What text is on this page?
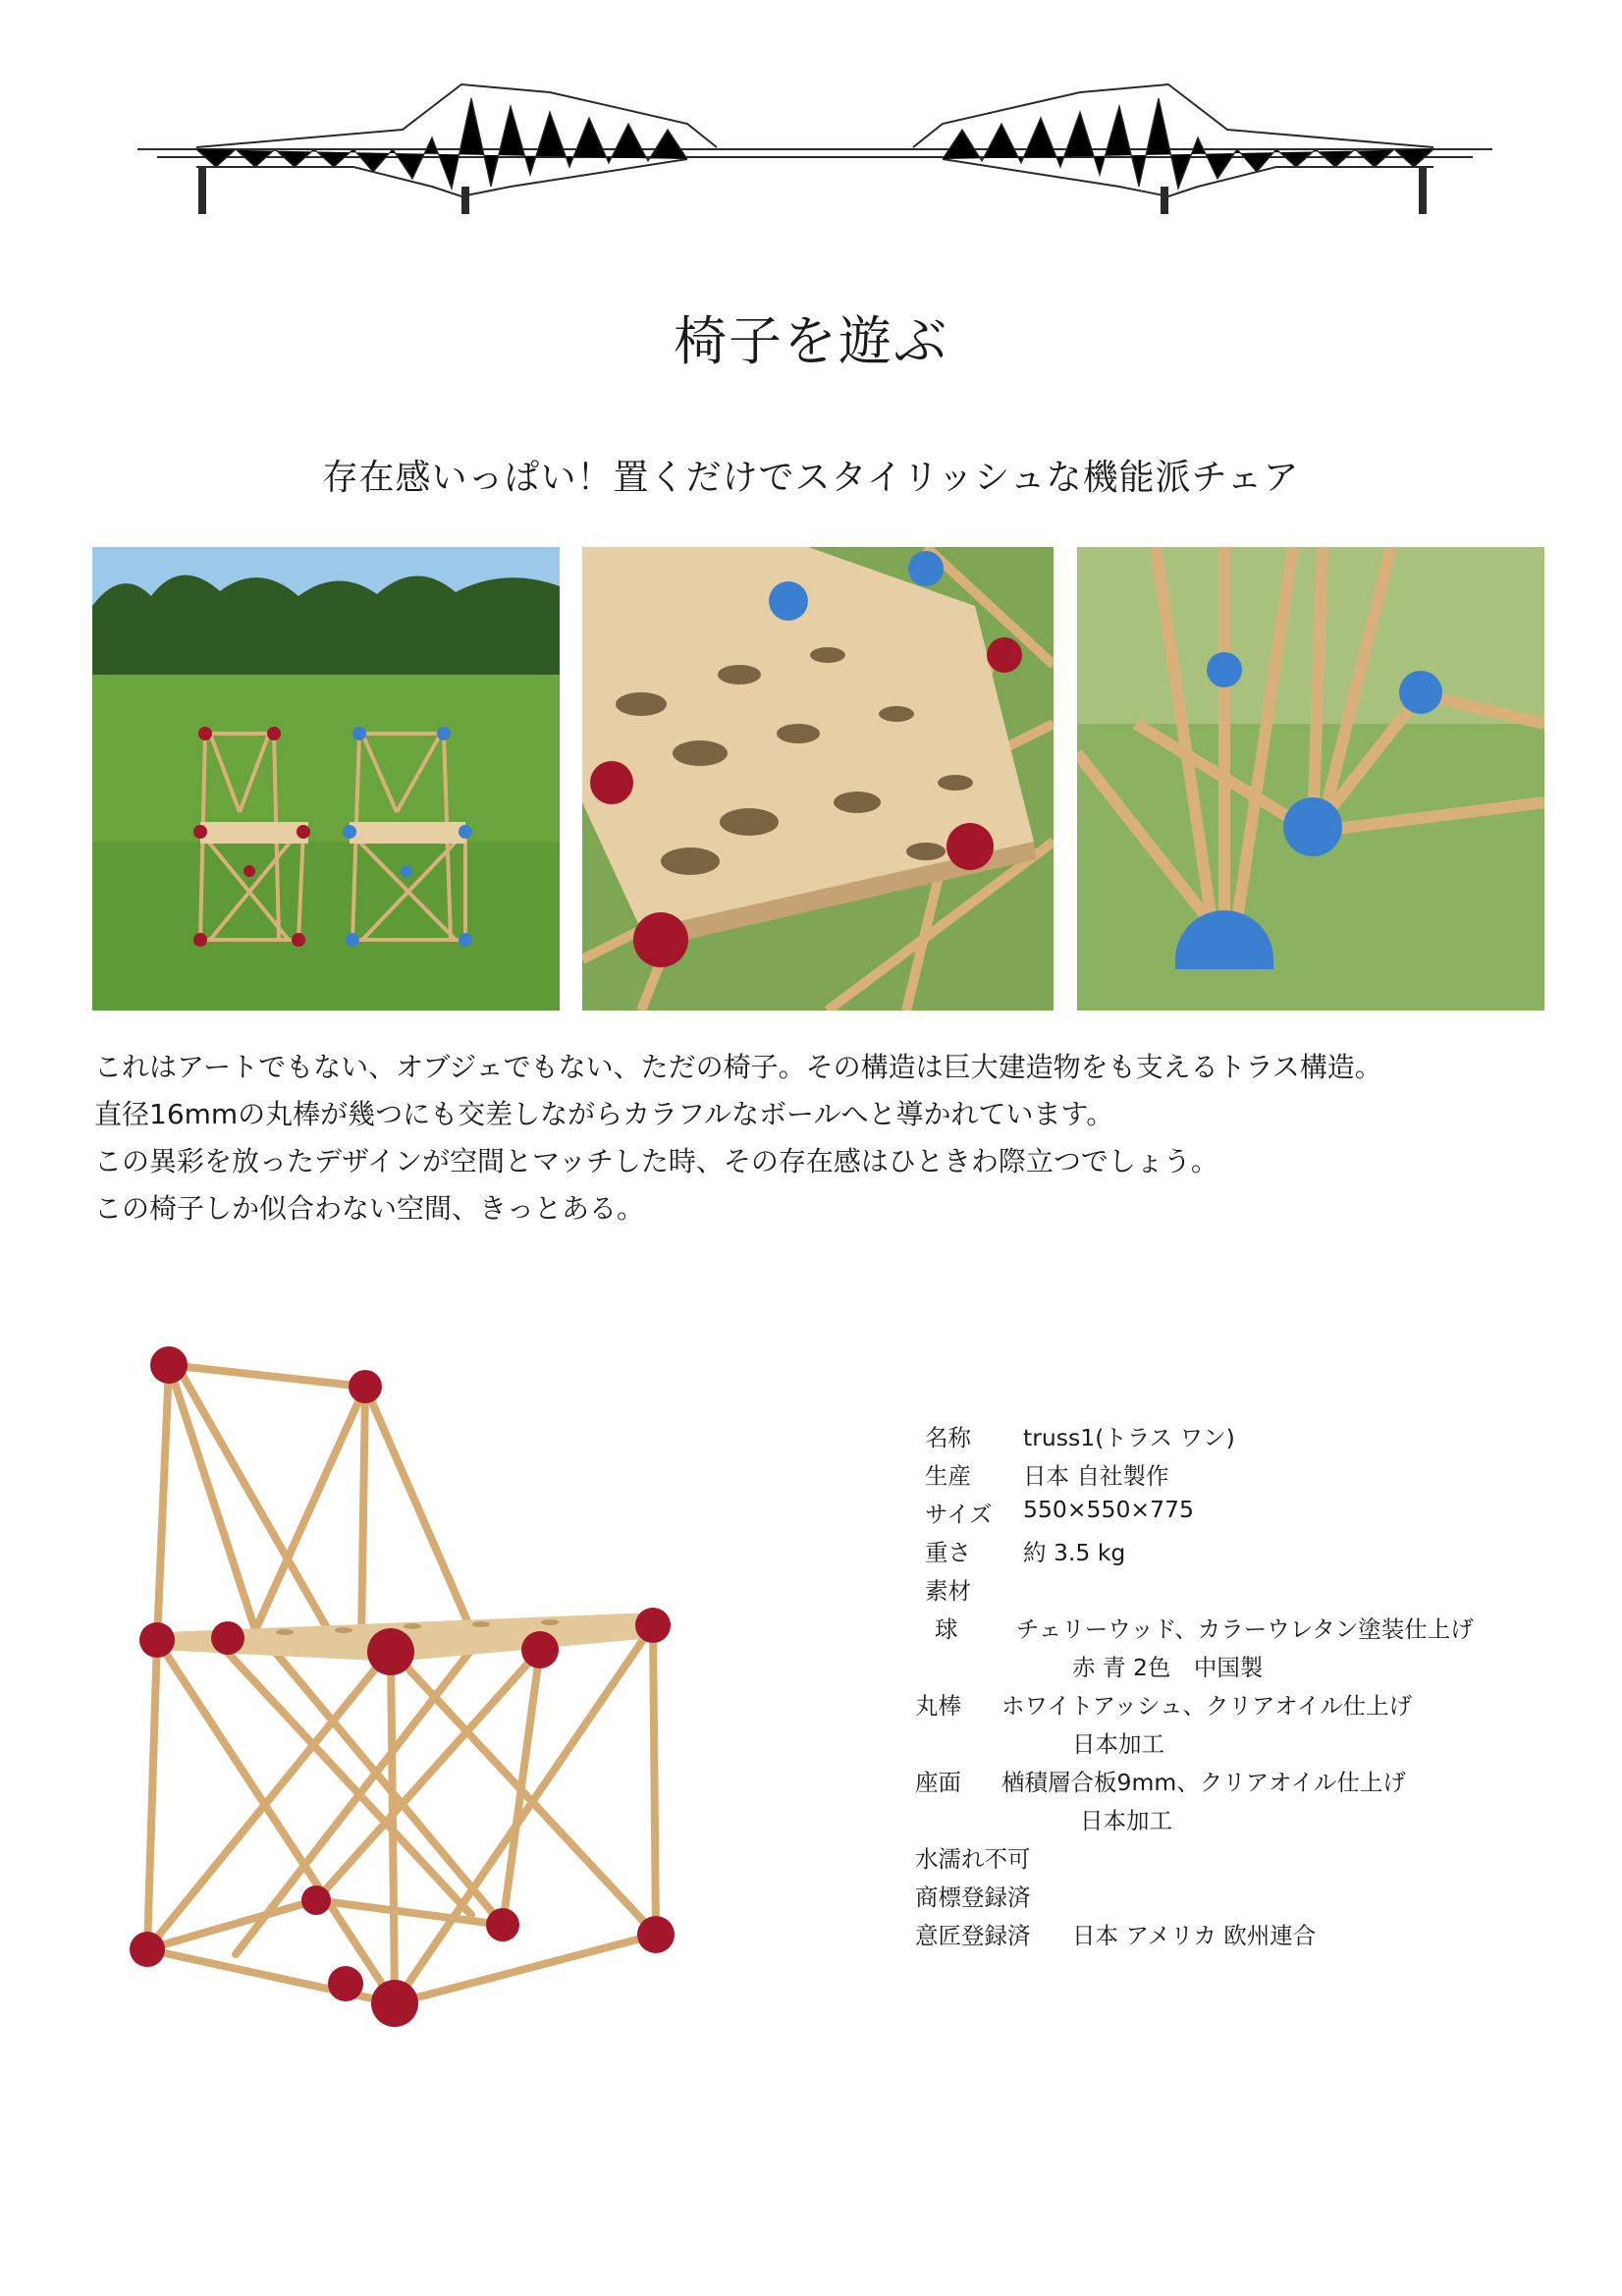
椅子を遊ぶ
存在感いっぱい！置くだけでスタイリッシュな機能派チェア

これはアートでもない、オブジェでもない、ただの椅子。その構造は巨大建造物をも支えるトラス構造。

直径16mmの丸棒が幾つにも交差しながらカラフルなボールへと導かれています。

この異彩を放ったデザインが空間とマッチした時、その存在感はひときわ際立つでしょう。

この椅子しか似合わない空間、きっとある。

名称 truss1(トラス ワン)
生産 日本 自社製作
サイズ 550×550×775
重さ 約 3.5 kg
素材
球	チェリーウッド、カラーウレタン塗装仕上げ
赤 青 2色　中国製
丸棒 ホワイトアッシュ、クリアオイル仕上げ
日本加工
座面 楢積層合板9mm、クリアオイル仕上げ
日本加工
水濡れ不可
商標登録済
意匠登録済 日本 アメリカ 欧州連合
